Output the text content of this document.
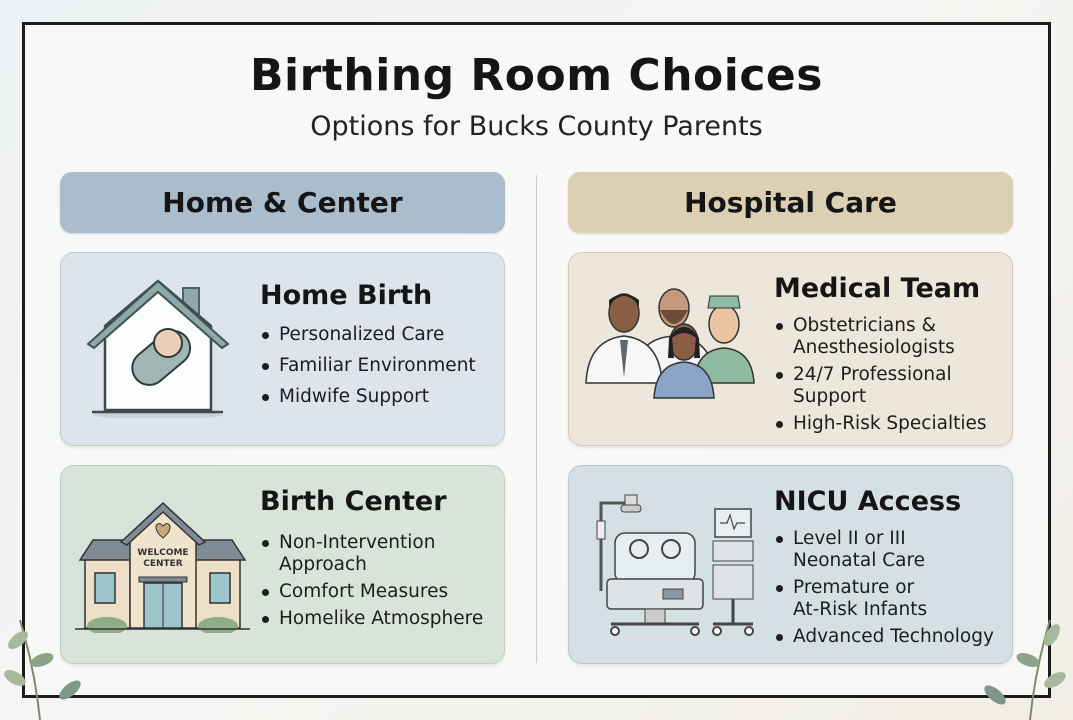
Birthing Room Choices
Options for Bucks County Parents
Home & Center	Hospital Care
Home Birth
Personalized Care
Familiar Environment
Midwife Support
WELCOME
CENTER
Birth Center
Non-Intervention
Approach
Comfort Measures
Homelike Atmosphere
Medical Team
Obstetricians &
Anesthesiologists
24/7 Professional
Support
High-Risk Specialties
NICU Access
Level II or III
Neonatal Care
Premature or
At-Risk Infants
Advanced Technology
